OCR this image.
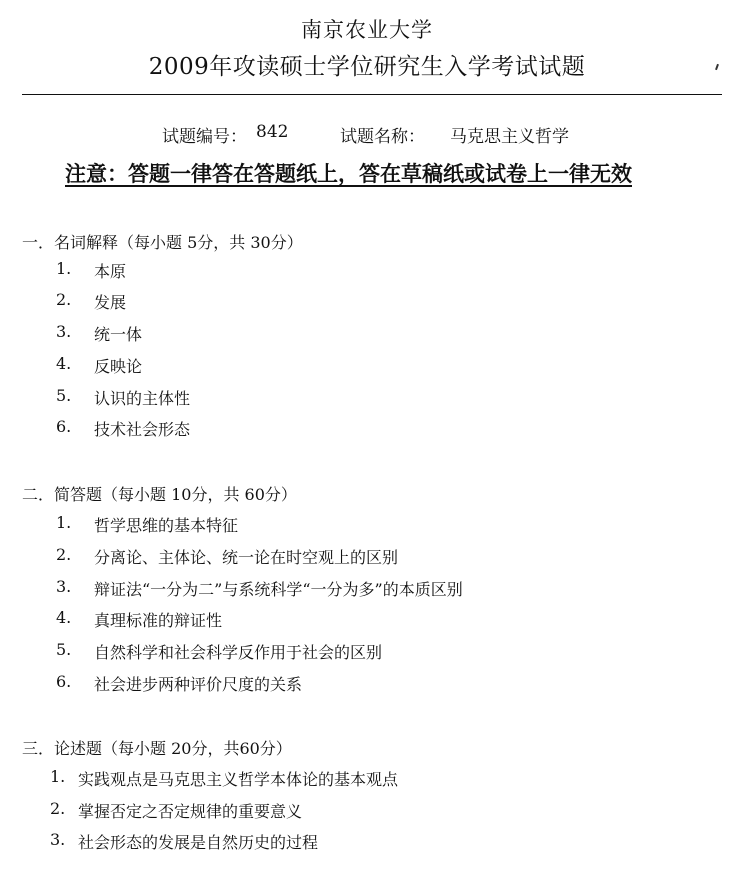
南京农业大学
2009年攻读硕士学位研究生入学考试试题
试题编号： 842	试题名称： 马克思主义哲学
注意：答题一律答在答题纸上，答在草稿纸或试卷上一律无效
一．名词解释（每小题 5分，共 30分）
1. 本原
2. 发展
3. 统一体
4. 反映论
5. 认识的主体性
6. 技术社会形态
二．简答题（每小题 10分，共 60分）
1. 哲学思维的基本特征
2. 分离论、主体论、统一论在时空观上的区别
3. 辩证法“一分为二”与系统科学“一分为多”的本质区别
4. 真理标准的辩证性
5. 自然科学和社会科学反作用于社会的区别
6. 社会进步两种评价尺度的关系
三．论述题（每小题 20分，共60分）
1. 实践观点是马克思主义哲学本体论的基本观点
2. 掌握否定之否定规律的重要意义
3. 社会形态的发展是自然历史的过程
